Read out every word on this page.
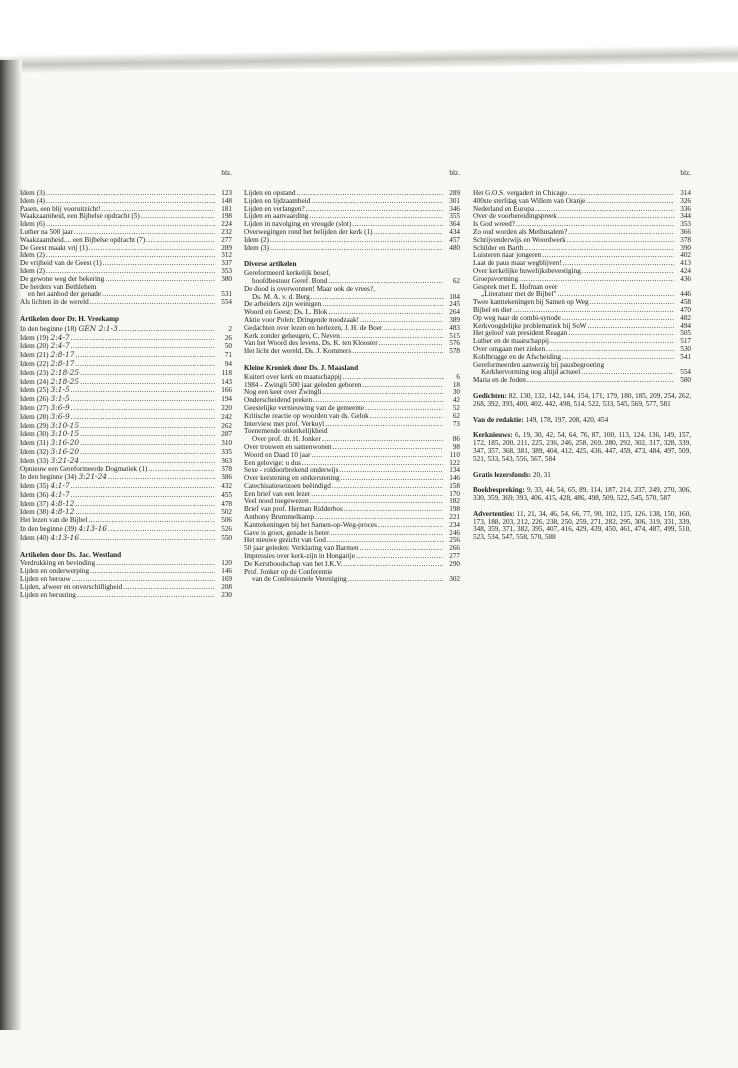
blz.
Idem (3) .....	123
Idem (4) .....	148
Pasen, een blij vooruitzicht! .....	181
Waakzaamheid, een Bijbelse opdracht (5) .....	198
Idem (6) .....	224
Luther na 500 jaar .....	232
Waakzaamheid.... een Bijbelse opdracht (7) .....	277
De Geest maakt vrij (1) .....	289
Idem (2) .....	312
De vrijheid van de Geest (1) .....	337
Idem (2) .....	353
De gewone weg der bekering .....	380
De herders van Bethlehem
en het aanbod der genade .....	531
Als lichten in de wereld .....	554
Artikelen door Dr. H. Vreekamp
In den beginne (18) GEN 2:1-3 .....	2
Idem (19) 2:4-7 .....	26
Idem (20) 2:4-7 .....	50
Idem (21) 2:8-17 .....	71
Idem (22) 2:8-17 .....	94
Idem (23) 2:18-25 .....	118
Idem (24) 2:18-25 .....	143
Idem (25) 3:1-5 .....	166
Idem (26) 3:1-5 .....	194
Idem (27) 3:6-9 .....	220
Idem (28) 3:6-9 .....	242
Idem (29) 3:10-15 .....	262
Idem (30) 3:10-15 .....	287
Idem (31) 3:16-20 .....	310
Idem (32) 3:16-20 .....	335
Idem (33) 3:21-24 .....	363
Opnieuw een Gereformeerde Dogmatiek (1) .....	378
In den beginne (34) 3:21-24 .....	386
Idem (35) 4:1-7 .....	432
Idem (36) 4:1-7 .....	455
Idem (37) 4:8-12 .....	478
Idem (38) 4:8-12 .....	502
Het lezen van de Bijbel .....	506
In den beginne (39) 4:13-16 .....	526
Idem (40) 4:13-16 .....	550
Artikelen door Ds. Jac. Westland
Verdrukking en bevinding .....	120
Lijden en onderwerping .....	146
Lijden en berouw .....	169
Lijden, afweer en onverschilligheid .....	208
Lijden en berusting .....	230
blz.
Lijden en opstand .....	289
Lijden en lijdzaamheid .....	301
Lijden en verlangen? .....	346
Lijden en aanvaarding .....	355
Lijden in navolging en vreugde (slot) .....	364
Overwegingen rond het belijden der kerk (1) .....	434
Idem (2) .....	457
Idem (3) .....	480
Diverse artikelen
Gereformeerd kerkelijk besef,
hoofdbestuur Geref. Bond .....	62
De dood is overwonnen! Maar ook de vrees?,
Ds. M. A. v. d. Berg .....	184
De arbeiders zijn weinigen .....	245
Woord en Geest; Ds. L. Blok .....	264
Aktie voor Polen: Dringende noodzaak! .....	389
Gedachten over lezen en herlezen, J. H. de Boer .....	483
Kerk zonder geheugen, C. Neven .....	515
Van het Woord des levens, Ds. K. ten Klooster .....	576
Het licht der wereld, Ds. J. Kommers .....	578
Kleine Kroniek door Ds. J. Maasland
Kuitert over kerk en maatschappij .....	6
1984 - Zwingli 500 jaar geleden geboren .....	18
Nog een keer over Zwingli .....	30
Onderscheidend preken .....	42
Geestelijke vernieuwing van de gemeente .....	52
Kritische reactie op woorden van ds. Geluk .....	62
Interview met prof. Verkuyl .....	73
Toenemende onkerkelijkheid
Over prof. dr. H. Jonker .....	86
Over trouwen en samenwonen .....	98
Woord en Daad 10 jaar .....	110
Een gelovige: u dus .....	122
Sexe - roldoorbrekend onderwijs .....	134
Over kerstening en ontkerstening .....	146
Catechisatieseizoen beëindigd .....	158
Een brief van een lezer .....	170
Veel nood toegewezen .....	182
Brief van prof. Herman Ridderbos .....	198
Anthony Brummelkamp .....	221
Kanttekeningen bij het Samen-op-Weg-proces .....	234
Gave is groot, genade is beter .....	246
Het nieuwe gezicht van God .....	256
50 jaar geleden: Verklaring van Barmen .....	266
Impressies over kerk-zijn in Hongarije .....	277
De Kerstboodschap van het I.K.V. .....	290
Prof. Jonker op de Conferentie
van de Confessionele Vereniging .....	302
blz.
Het G.O.S. vergadert in Chicago .....	314
400ste sterfdag van Willem van Oranje .....	326
Nederland en Europa .....	336
Over de voorbereidingspreek .....	344
Is God wreed? .....	353
Zo oud worden als Methusalem? .....	366
Schrijvenderwijs en Woordwerk .....	378
Schilder en Barth .....	390
Luisteren naar jongeren .....	402
Laat de paus maar wegblijven! .....	413
Over kerkelijke huwelijksbevestiging .....	424
Groepsvorming .....	436
Gesprek met E. Hofman over
„Literatuur met de Bijbel" .....	446
Twee kanttekeningen bij Samen op Weg .....	458
Bijbel en dier .....	470
Op weg naar de combi-synode .....	482
Kerkvoogdelijke problematiek bij SoW .....	494
Het geloof van president Reagan .....	505
Luther en de maatschappij .....	517
Over omgaan met zieken .....	530
Kohlbrugge en de Afscheiding .....	541
Gereformeerden aanwezig bij pausbegroeting
Kerkhervorming nog altijd actueel .....	554
Maria en de Joden .....	580
Gedichten: 82, 130, 132, 142, 144, 154, 171, 179, 180, 185, 209, 254, 262, 268, 392, 393, 400, 402, 442, 498, 514, 522, 533, 545, 569, 577, 581
Van de redaktie: 149, 178, 197, 208, 420, 454
Kerknieuws: 6, 19, 30, 42, 54, 64, 76, 87, 100, 113, 124, 136, 149, 157, 172, 185, 200, 211, 225, 236, 246, 258, 269, 280, 292, 302, 317, 328, 339, 347, 357, 368, 381, 389, 404, 412, 425, 436, 447, 459, 473, 484, 497, 509, 521, 533, 543, 556, 567, 584
Gratis lezersfonds: 20, 31
Boekbespreking: 9, 33, 44, 54, 65, 89, 114, 187, 214, 237, 249, 270, 306, 330, 359, 369, 393, 406, 415, 428, 486, 498, 509, 522, 545, 570, 587
Advertenties: 11, 21, 34, 46, 54, 66, 77, 90, 102, 115, 126, 138, 150, 160, 173, 188, 203, 212, 226, 238, 250, 259, 271, 282, 295, 306, 319, 331, 339, 348, 359, 371, 382, 395, 407, 416, 429, 439, 450, 461, 474, 487, 499, 510, 523, 534, 547, 558, 570, 588
